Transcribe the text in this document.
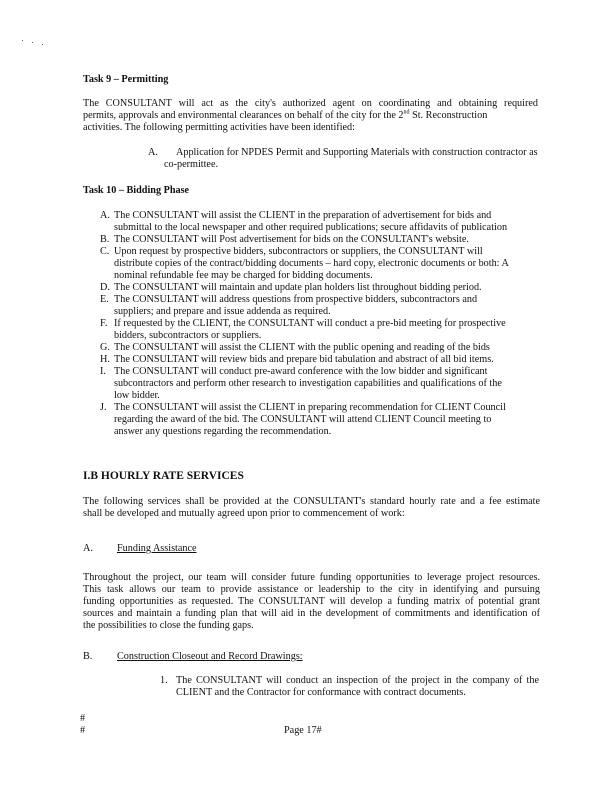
Task 9 – Permitting
The CONSULTANT will act as the city's authorized agent on coordinating and obtaining required
permits, approvals and environmental clearances on behalf of the city for the 2nd St. Reconstruction
activities. The following permitting activities have been identified:
A. Application for NPDES Permit and Supporting Materials with construction contractor as
co-permittee.
Task 10 – Bidding Phase
A. The CONSULTANT will assist the CLIENT in the preparation of advertisement for bids and
submittal to the local newspaper and other required publications; secure affidavits of publication
B. The CONSULTANT will Post advertisement for bids on the CONSULTANT's website.
C. Upon request by prospective bidders, subcontractors or suppliers, the CONSULTANT will
distribute copies of the contract/bidding documents – hard copy, electronic documents or both: A
nominal refundable fee may be charged for bidding documents.
D. The CONSULTANT will maintain and update plan holders list throughout bidding period.
E. The CONSULTANT will address questions from prospective bidders, subcontractors and
suppliers; and prepare and issue addenda as required.
F. If requested by the CLIENT, the CONSULTANT will conduct a pre-bid meeting for prospective
bidders, subcontractors or suppliers.
G. The CONSULTANT will assist the CLIENT with the public opening and reading of the bids
H. The CONSULTANT will review bids and prepare bid tabulation and abstract of all bid items.
I. The CONSULTANT will conduct pre-award conference with the low bidder and significant
subcontractors and perform other research to investigation capabilities and qualifications of the
low bidder.
J. The CONSULTANT will assist the CLIENT in preparing recommendation for CLIENT Council
regarding the award of the bid. The CONSULTANT will attend CLIENT Council meeting to
answer any questions regarding the recommendation.
I.B HOURLY RATE SERVICES
The following services shall be provided at the CONSULTANT's standard hourly rate and a fee estimate
shall be developed and mutually agreed upon prior to commencement of work:
A. Funding Assistance
Throughout the project, our team will consider future funding opportunities to leverage project resources.
This task allows our team to provide assistance or leadership to the city in identifying and pursuing
funding opportunities as requested. The CONSULTANT will develop a funding matrix of potential grant
sources and maintain a funding plan that will aid in the development of commitments and identification of
the possibilities to close the funding gaps.
B. Construction Closeout and Record Drawings:
1. The CONSULTANT will conduct an inspection of the project in the company of the
CLIENT and the Contractor for conformance with contract documents.
#
#	Page 17#
